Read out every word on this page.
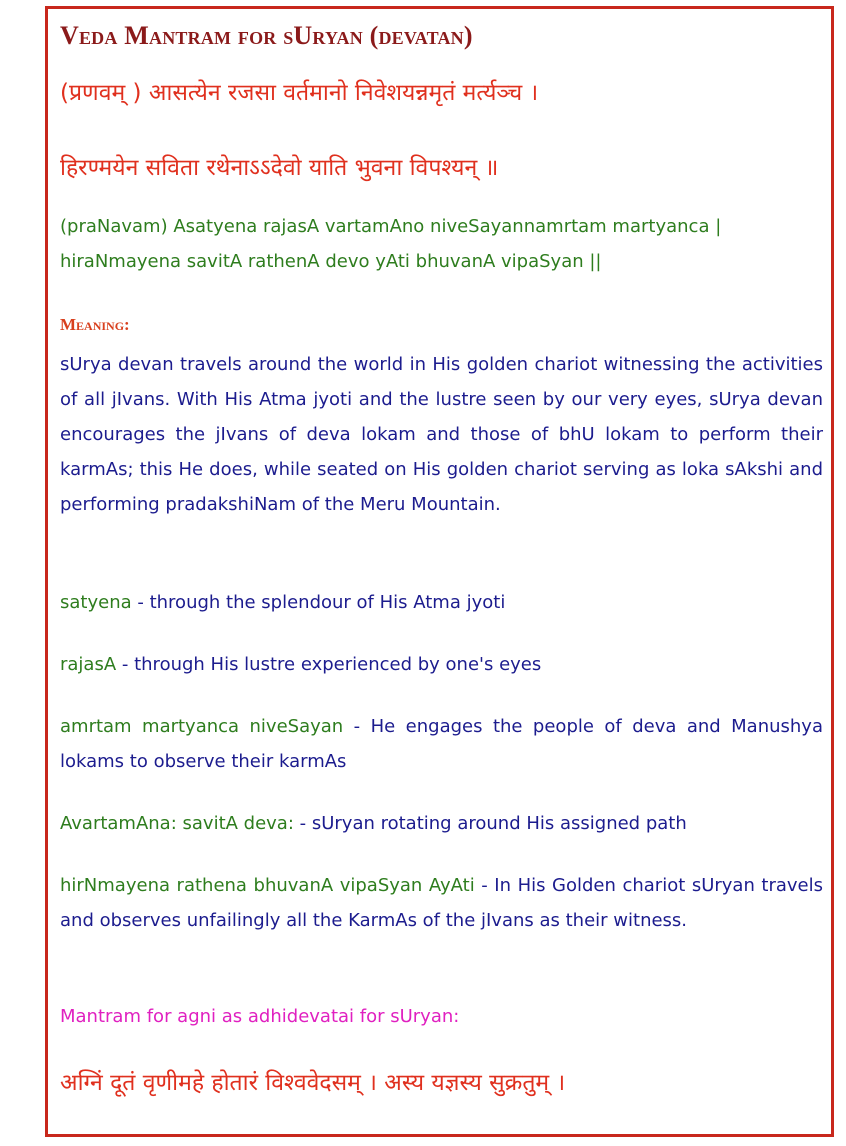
Veda Mantram for sUryan (devatan)
(प्रणवम् ) आसत्येन रजसा वर्तमानो निवेशयन्नमृतं मर्त्यञ्च ।
हिरण्मयेन सविता रथेनाऽऽदेवो याति भुवना विपश्यन् ॥
(praNavam) Asatyena rajasA vartamAno niveSayannamrtam martyanca |
hiraNmayena savitA rathenA devo yAti bhuvanA vipaSyan ||
Meaning:
sUrya devan travels around the world in His golden chariot witnessing the activities of all jIvans. With His Atma jyoti and the lustre seen by our very eyes, sUrya devan encourages the jIvans of deva lokam and those of bhU lokam to perform their karmAs; this He does, while seated on His golden chariot serving as loka sAkshi and performing pradakshiNam of the Meru Mountain.
satyena - through the splendour of His Atma jyoti
rajasA - through His lustre experienced by one's eyes
amrtam martyanca niveSayan - He engages the people of deva and Manushya lokams to observe their karmAs
AvartamAna: savitA deva: - sUryan rotating around His assigned path
hirNmayena rathena bhuvanA vipaSyan AyAti - In His Golden chariot sUryan travels and observes unfailingly all the KarmAs of the jIvans as their witness.
Mantram for agni as adhidevatai for sUryan:
अग्निं दूतं वृणीमहे होतारं विश्ववेदसम् । अस्य यज्ञस्य सुक्रतुम् ।
